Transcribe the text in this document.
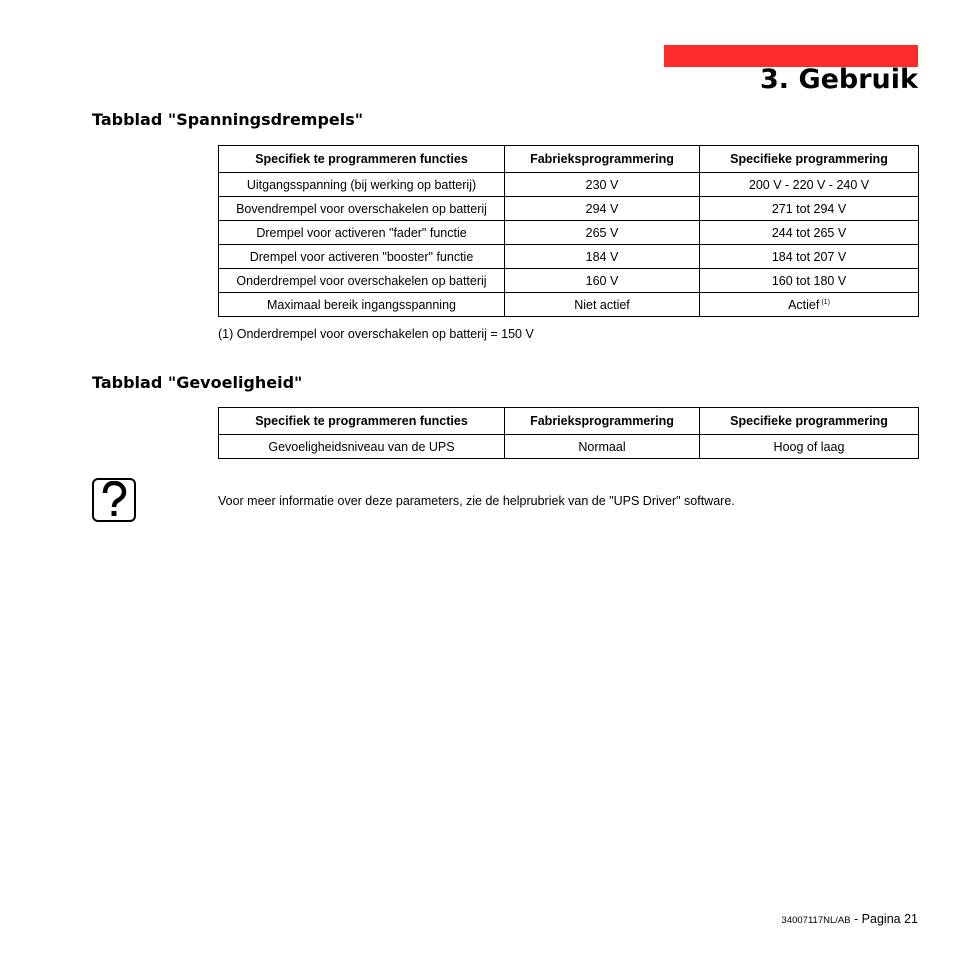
3. Gebruik
Tabblad "Spanningsdrempels"
Specifiek te programmeren functies	Fabrieksprogrammering	Specifieke programmering
Uitgangsspanning (bij werking op batterij)	230 V	200 V - 220 V - 240 V
Bovendrempel voor overschakelen op batterij	294 V	271 tot 294 V
Drempel voor activeren "fader" functie	265 V	244 tot 265 V
Drempel voor activeren "booster" functie	184 V	184 tot 207 V
Onderdrempel voor overschakelen op batterij	160 V	160 tot 180 V
Maximaal bereik ingangsspanning	Niet actief	Actief $^{(1)}$

(1) Onderdrempel voor overschakelen op batterij = 150 V

Tabblad "Gevoeligheid"
Specifiek te programmeren functies	Fabrieksprogrammering	Specifieke programmering
Gevoeligheidsniveau van de UPS	Normaal	Hoog of laag

Voor meer informatie over deze parameters, zie de helprubriek van de "UPS Driver" software.

34007117NL/AB - Pagina 21
